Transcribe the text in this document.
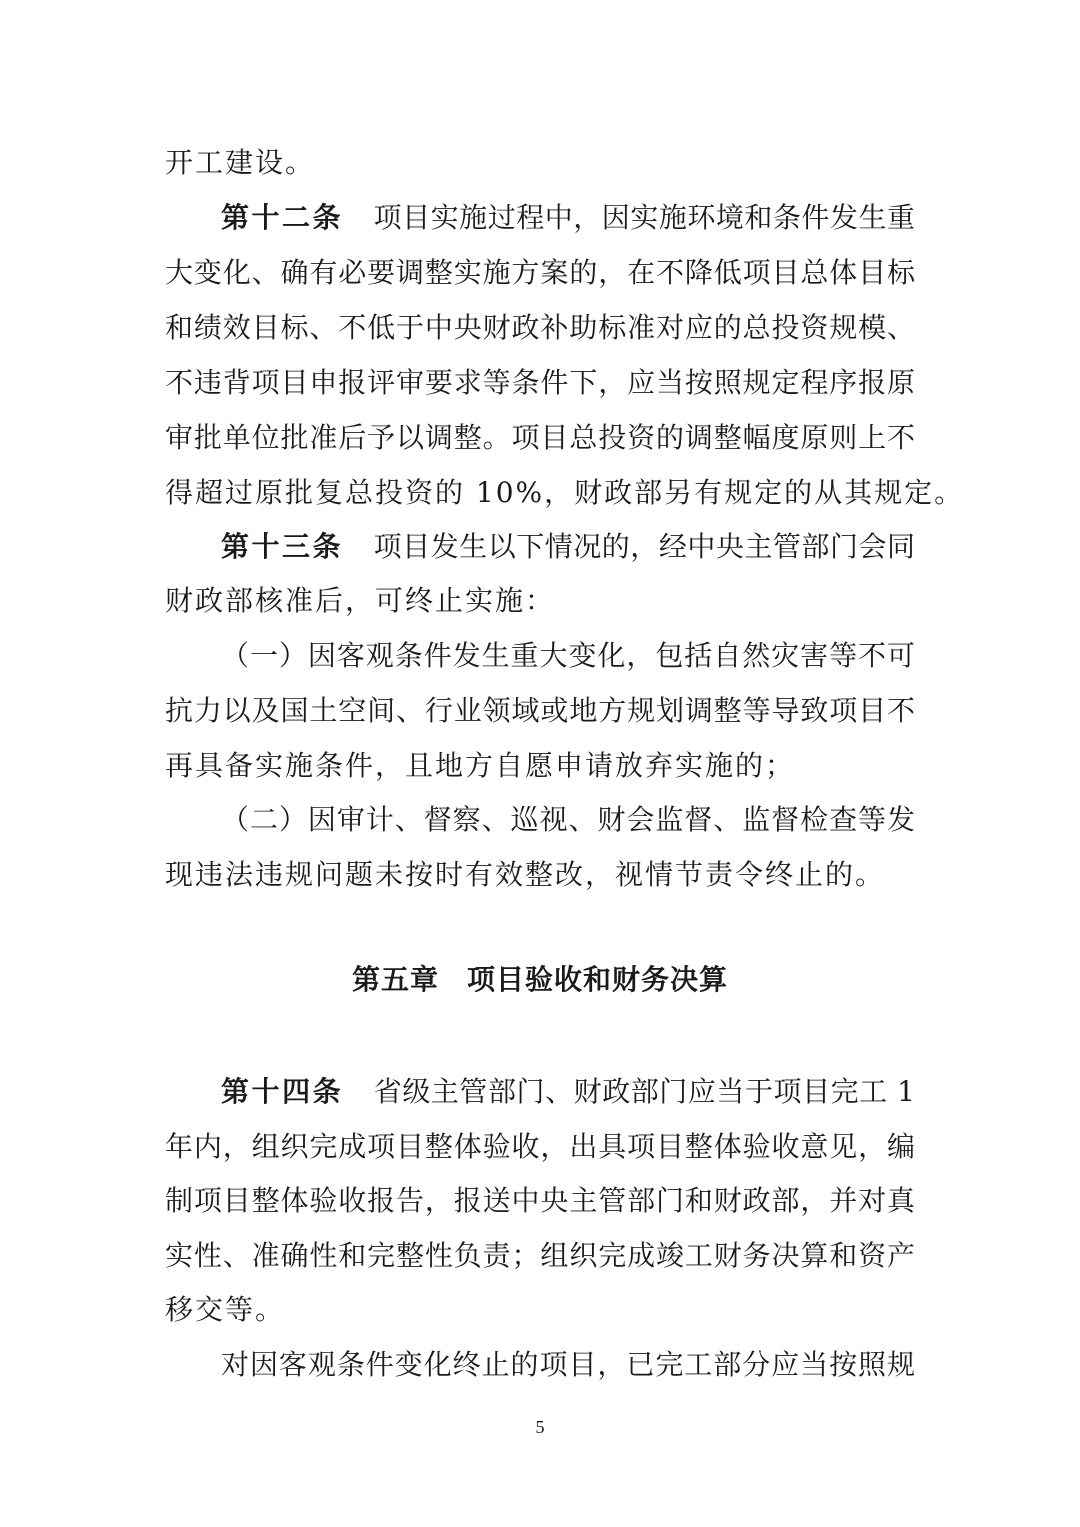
开工建设。
第十二条 项目实施过程中，因实施环境和条件发生重
大变化、确有必要调整实施方案的，在不降低项目总体目标
和绩效目标、不低于中央财政补助标准对应的总投资规模、
不违背项目申报评审要求等条件下，应当按照规定程序报原
审批单位批准后予以调整。项目总投资的调整幅度原则上不
得超过原批复总投资的 10%，财政部另有规定的从其规定。
第十三条 项目发生以下情况的，经中央主管部门会同
财政部核准后，可终止实施：
（一）因客观条件发生重大变化，包括自然灾害等不可
抗力以及国土空间、行业领域或地方规划调整等导致项目不
再具备实施条件，且地方自愿申请放弃实施的；
（二）因审计、督察、巡视、财会监督、监督检查等发
现违法违规问题未按时有效整改，视情节责令终止的。
第五章 项目验收和财务决算
第十四条 省级主管部门、财政部门应当于项目完工 1
年内，组织完成项目整体验收，出具项目整体验收意见，编
制项目整体验收报告，报送中央主管部门和财政部，并对真
实性、准确性和完整性负责；组织完成竣工财务决算和资产
移交等。
对因客观条件变化终止的项目，已完工部分应当按照规
5
